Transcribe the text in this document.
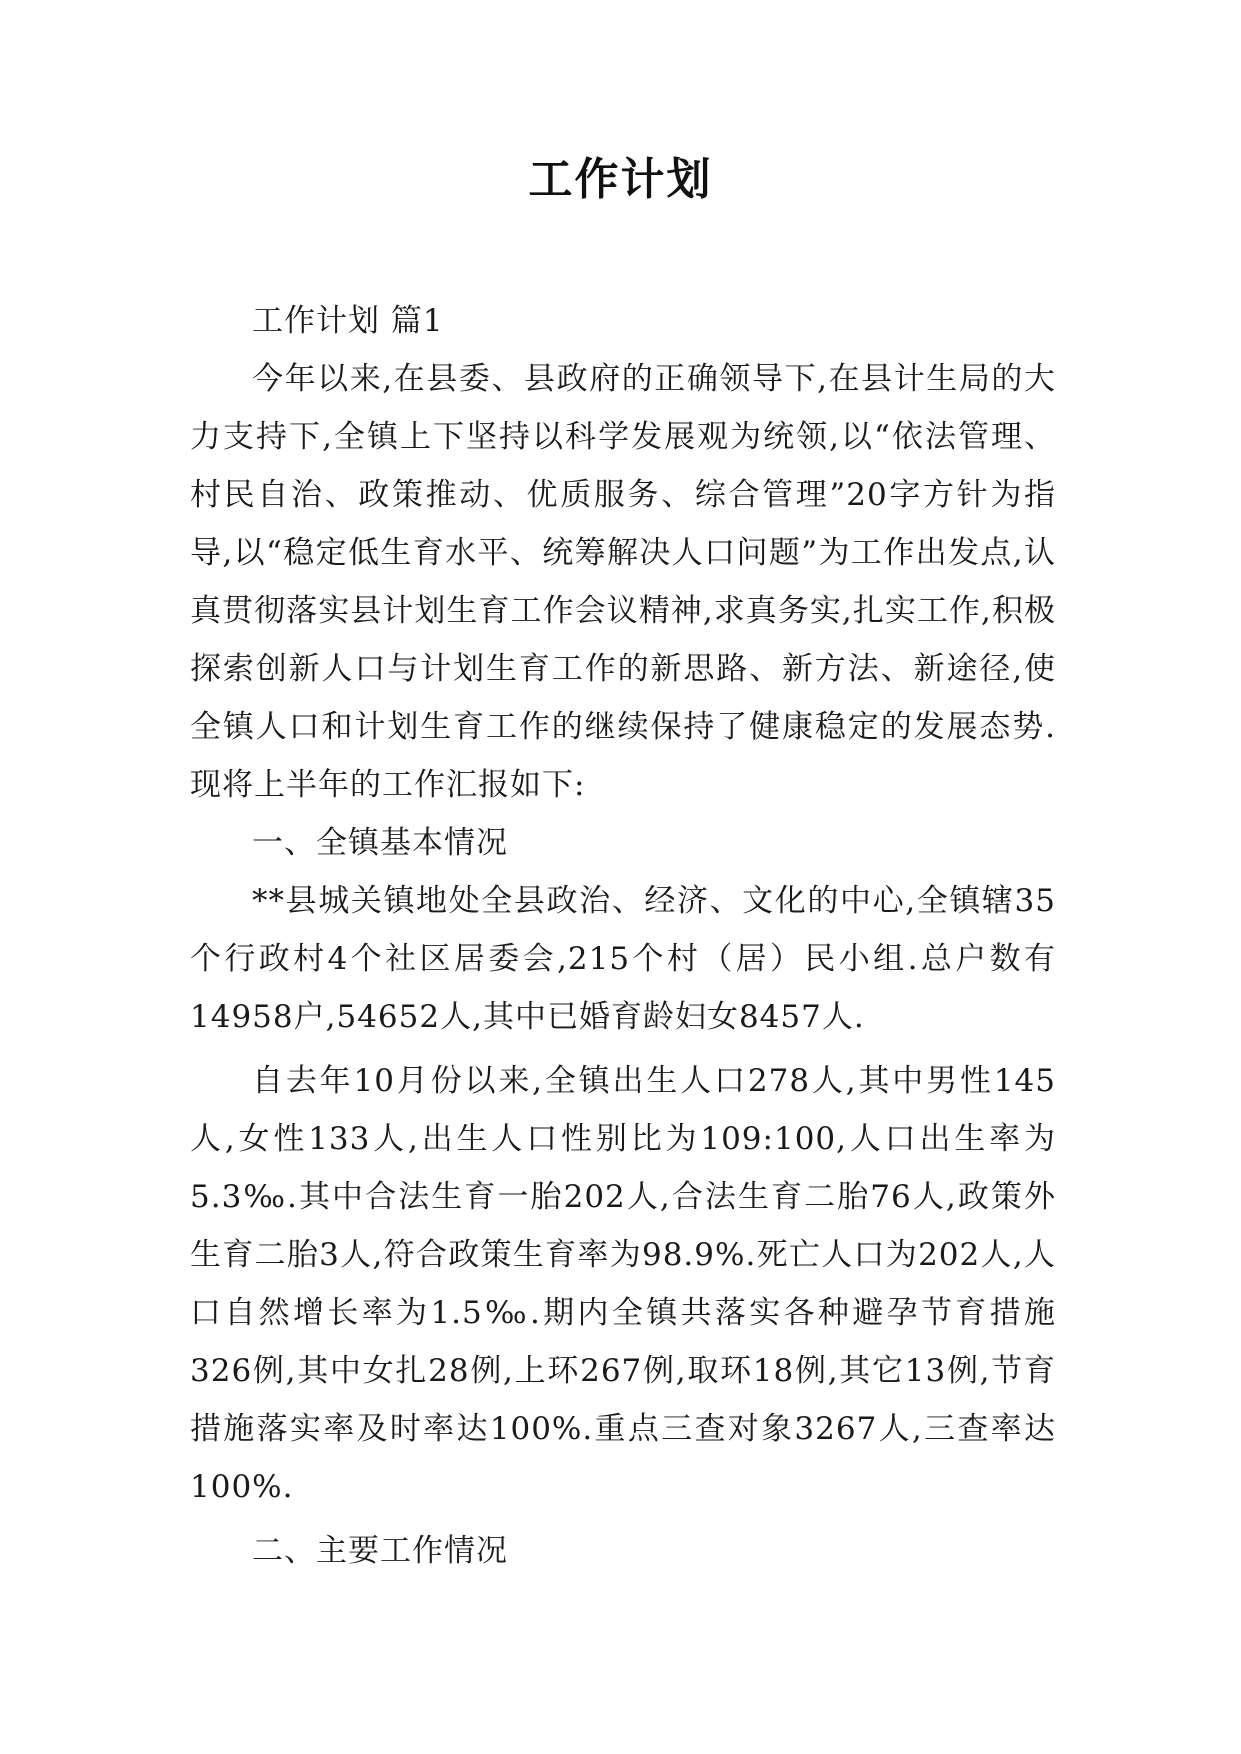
工作计划

工作计划 篇1

今年以来,在县委、县政府的正确领导下,在县计生局的大力支持下,全镇上下坚持以科学发展观为统领,以“依法管理、村民自治、政策推动、优质服务、综合管理”20字方针为指导,以“稳定低生育水平、统筹解决人口问题”为工作出发点,认真贯彻落实县计划生育工作会议精神,求真务实,扎实工作,积极探索创新人口与计划生育工作的新思路、新方法、新途径,使全镇人口和计划生育工作的继续保持了健康稳定的发展态势.现将上半年的工作汇报如下:

一、全镇基本情况

**县城关镇地处全县政治、经济、文化的中心,全镇辖35个行政村4个社区居委会,215个村（居）民小组.总户数有14958户,54652人,其中已婚育龄妇女8457人.

自去年10月份以来,全镇出生人口278人,其中男性145人,女性133人,出生人口性别比为109:100,人口出生率为5.3‰.其中合法生育一胎202人,合法生育二胎76人,政策外生育二胎3人,符合政策生育率为98.9%.死亡人口为202人,人口自然增长率为1.5‰.期内全镇共落实各种避孕节育措施326例,其中女扎28例,上环267例,取环18例,其它13例,节育措施落实率及时率达100%.重点三查对象3267人,三查率达100%.

二、主要工作情况
